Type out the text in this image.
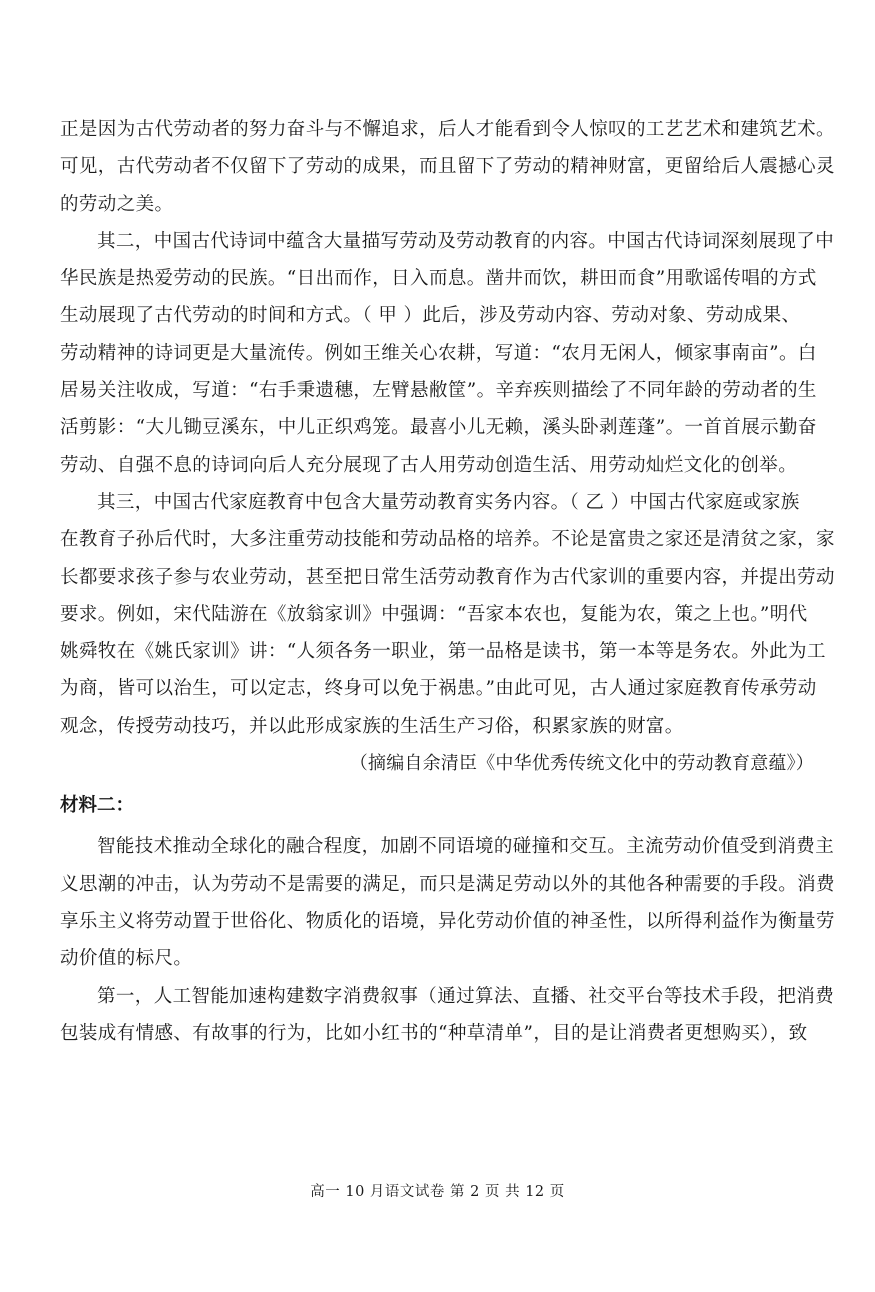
正是因为古代劳动者的努力奋斗与不懈追求，后人才能看到令人惊叹的工艺艺术和建筑艺术。
可见，古代劳动者不仅留下了劳动的成果，而且留下了劳动的精神财富，更留给后人震撼心灵
的劳动之美。
其二，中国古代诗词中蕴含大量描写劳动及劳动教育的内容。中国古代诗词深刻展现了中
华民族是热爱劳动的民族。“日出而作，日入而息。凿井而饮，耕田而食”用歌谣传唱的方式
生动展现了古代劳动的时间和方式。（ 甲 ）此后，涉及劳动内容、劳动对象、劳动成果、
劳动精神的诗词更是大量流传。例如王维关心农耕，写道：“农月无闲人，倾家事南亩”。白
居易关注收成，写道：“右手秉遗穗，左臂悬敝筐”。辛弃疾则描绘了不同年龄的劳动者的生
活剪影：“大儿锄豆溪东，中儿正织鸡笼。最喜小儿无赖，溪头卧剥莲蓬”。一首首展示勤奋
劳动、自强不息的诗词向后人充分展现了古人用劳动创造生活、用劳动灿烂文化的创举。
其三，中国古代家庭教育中包含大量劳动教育实务内容。（ 乙 ）中国古代家庭或家族
在教育子孙后代时，大多注重劳动技能和劳动品格的培养。不论是富贵之家还是清贫之家，家
长都要求孩子参与农业劳动，甚至把日常生活劳动教育作为古代家训的重要内容，并提出劳动
要求。例如，宋代陆游在《放翁家训》中强调：“吾家本农也，复能为农，策之上也。”明代
姚舜牧在《姚氏家训》讲：“人须各务一职业，第一品格是读书，第一本等是务农。外此为工
为商，皆可以治生，可以定志，终身可以免于祸患。”由此可见，古人通过家庭教育传承劳动
观念，传授劳动技巧，并以此形成家族的生活生产习俗，积累家族的财富。
（摘编自余清臣《中华优秀传统文化中的劳动教育意蕴》）
材料二：
智能技术推动全球化的融合程度，加剧不同语境的碰撞和交互。主流劳动价值受到消费主
义思潮的冲击，认为劳动不是需要的满足，而只是满足劳动以外的其他各种需要的手段。消费
享乐主义将劳动置于世俗化、物质化的语境，异化劳动价值的神圣性，以所得利益作为衡量劳
动价值的标尺。
第一，人工智能加速构建数字消费叙事（通过算法、直播、社交平台等技术手段，把消费
包装成有情感、有故事的行为，比如小红书的“种草清单”，目的是让消费者更想购买），致
高一 10 月语文试卷 第 2 页 共 12 页
